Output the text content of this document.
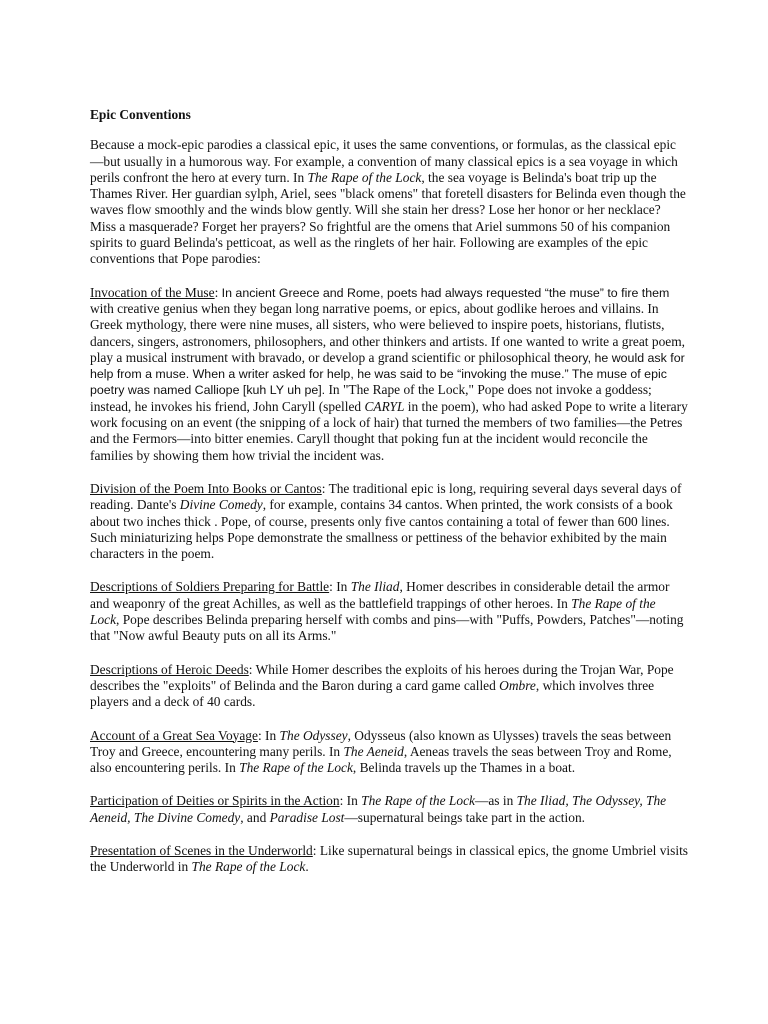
Epic Conventions

Because a mock-epic parodies a classical epic, it uses the same conventions, or formulas, as the classical epic—but usually in a humorous way. For example, a convention of many classical epics is a sea voyage in which perils confront the hero at every turn. In The Rape of the Lock, the sea voyage is Belinda's boat trip up the Thames River. Her guardian sylph, Ariel, sees "black omens" that foretell disasters for Belinda even though the waves flow smoothly and the winds blow gently. Will she stain her dress? Lose her honor or her necklace? Miss a masquerade? Forget her prayers? So frightful are the omens that Ariel summons 50 of his companion spirits to guard Belinda's petticoat, as well as the ringlets of her hair. Following are examples of the epic conventions that Pope parodies:

Invocation of the Muse: In ancient Greece and Rome, poets had always requested “the muse” to fire them with creative genius when they began long narrative poems, or epics, about godlike heroes and villains. In Greek mythology, there were nine muses, all sisters, who were believed to inspire poets, historians, flutists, dancers, singers, astronomers, philosophers, and other thinkers and artists. If one wanted to write a great poem, play a musical instrument with bravado, or develop a grand scientific or philosophical theory, he would ask for help from a muse. When a writer asked for help, he was said to be “invoking the muse.” The muse of epic poetry was named Calliope [kuh LY uh pe]. In "The Rape of the Lock," Pope does not invoke a goddess; instead, he invokes his friend, John Caryll (spelled CARYL in the poem), who had asked Pope to write a literary work focusing on an event (the snipping of a lock of hair) that turned the members of two families—the Petres and the Fermors—into bitter enemies. Caryll thought that poking fun at the incident would reconcile the families by showing them how trivial the incident was.

Division of the Poem Into Books or Cantos: The traditional epic is long, requiring several days several days of reading. Dante's Divine Comedy, for example, contains 34 cantos. When printed, the work consists of a book about two inches thick . Pope, of course, presents only five cantos containing a total of fewer than 600 lines. Such miniaturizing helps Pope demonstrate the smallness or pettiness of the behavior exhibited by the main characters in the poem.

Descriptions of Soldiers Preparing for Battle: In The Iliad, Homer describes in considerable detail the armor and weaponry of the great Achilles, as well as the battlefield trappings of other heroes. In The Rape of the Lock, Pope describes Belinda preparing herself with combs and pins—with "Puffs, Powders, Patches"—noting that "Now awful Beauty puts on all its Arms."

Descriptions of Heroic Deeds: While Homer describes the exploits of his heroes during the Trojan War, Pope describes the "exploits" of Belinda and the Baron during a card game called Ombre, which involves three players and a deck of 40 cards.

Account of a Great Sea Voyage: In The Odyssey, Odysseus (also known as Ulysses) travels the seas between Troy and Greece, encountering many perils. In The Aeneid, Aeneas travels the seas between Troy and Rome, also encountering perils. In The Rape of the Lock, Belinda travels up the Thames in a boat.

Participation of Deities or Spirits in the Action: In The Rape of the Lock—as in The Iliad, The Odyssey, The Aeneid, The Divine Comedy, and Paradise Lost—supernatural beings take part in the action.

Presentation of Scenes in the Underworld: Like supernatural beings in classical epics, the gnome Umbriel visits the Underworld in The Rape of the Lock.
